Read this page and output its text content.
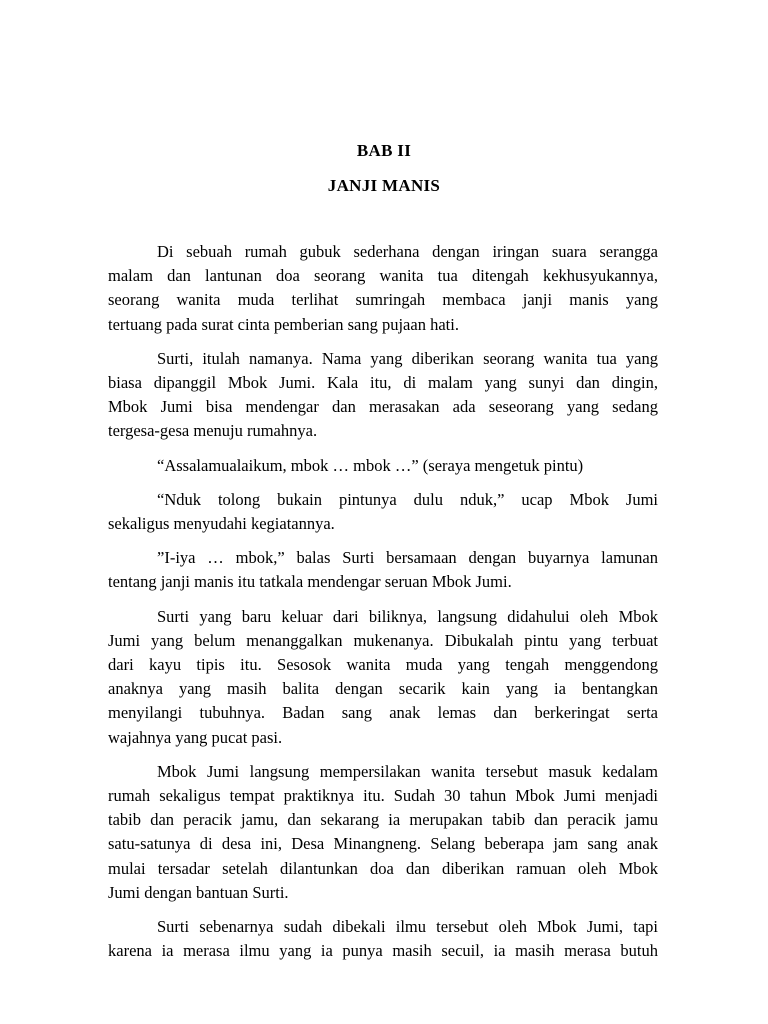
BAB II
JANJI MANIS

Di sebuah rumah gubuk sederhana dengan iringan suara serangga
malam dan lantunan doa seorang wanita tua ditengah kekhusyukannya,
seorang wanita muda terlihat sumringah membaca janji manis yang
tertuang pada surat cinta pemberian sang pujaan hati.

Surti, itulah namanya. Nama yang diberikan seorang wanita tua yang
biasa dipanggil Mbok Jumi. Kala itu, di malam yang sunyi dan dingin,
Mbok Jumi bisa mendengar dan merasakan ada seseorang yang sedang
tergesa-gesa menuju rumahnya.

“Assalamualaikum, mbok … mbok …” (seraya mengetuk pintu)

“Nduk tolong bukain pintunya dulu nduk,” ucap Mbok Jumi
sekaligus menyudahi kegiatannya.

”I-iya … mbok,” balas Surti bersamaan dengan buyarnya lamunan
tentang janji manis itu tatkala mendengar seruan Mbok Jumi.

Surti yang baru keluar dari biliknya, langsung didahului oleh Mbok
Jumi yang belum menanggalkan mukenanya. Dibukalah pintu yang terbuat
dari kayu tipis itu. Sesosok wanita muda yang tengah menggendong
anaknya yang masih balita dengan secarik kain yang ia bentangkan
menyilangi tubuhnya. Badan sang anak lemas dan berkeringat serta
wajahnya yang pucat pasi.

Mbok Jumi langsung mempersilakan wanita tersebut masuk kedalam
rumah sekaligus tempat praktiknya itu. Sudah 30 tahun Mbok Jumi menjadi
tabib dan peracik jamu, dan sekarang ia merupakan tabib dan peracik jamu
satu-satunya di desa ini, Desa Minangneng. Selang beberapa jam sang anak
mulai tersadar setelah dilantunkan doa dan diberikan ramuan oleh Mbok
Jumi dengan bantuan Surti.

Surti sebenarnya sudah dibekali ilmu tersebut oleh Mbok Jumi, tapi
karena ia merasa ilmu yang ia punya masih secuil, ia masih merasa butuh
